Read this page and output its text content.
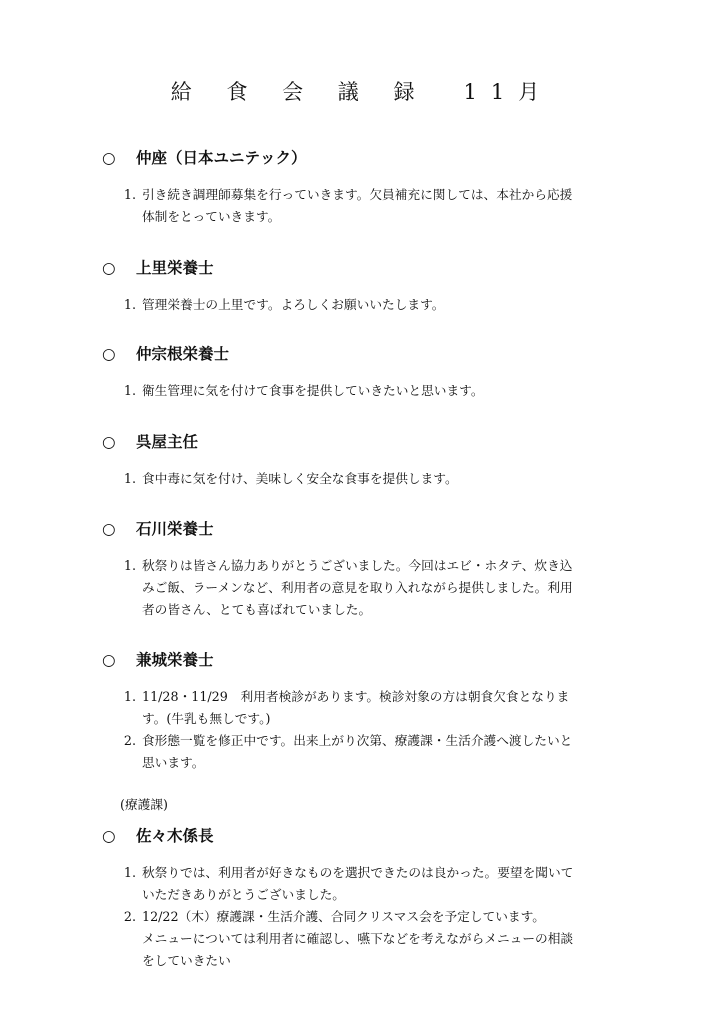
給 食 会 議 録　11月
○ 仲座（日本ユニテック）
1. 引き続き調理師募集を行っていきます。欠員補充に関しては、本社から応援
体制をとっていきます。
○ 上里栄養士
1. 管理栄養士の上里です。よろしくお願いいたします。
○ 仲宗根栄養士
1. 衛生管理に気を付けて食事を提供していきたいと思います。
○ 呉屋主任
1. 食中毒に気を付け、美味しく安全な食事を提供します。
○ 石川栄養士
1. 秋祭りは皆さん協力ありがとうございました。今回はエビ・ホタテ、炊き込
みご飯、ラーメンなど、利用者の意見を取り入れながら提供しました。利用
者の皆さん、とても喜ばれていました。
○ 兼城栄養士
1. 11/28・11/29　利用者検診があります。検診対象の方は朝食欠食となりま
す。(牛乳も無しです。)
2. 食形態一覧を修正中です。出来上がり次第、療護課・生活介護へ渡したいと
思います。
(療護課)
○ 佐々木係長
1. 秋祭りでは、利用者が好きなものを選択できたのは良かった。要望を聞いて
いただきありがとうございました。
2. 12/22（木）療護課・生活介護、合同クリスマス会を予定しています。
メニューについては利用者に確認し、嚥下などを考えながらメニューの相談
をしていきたい
